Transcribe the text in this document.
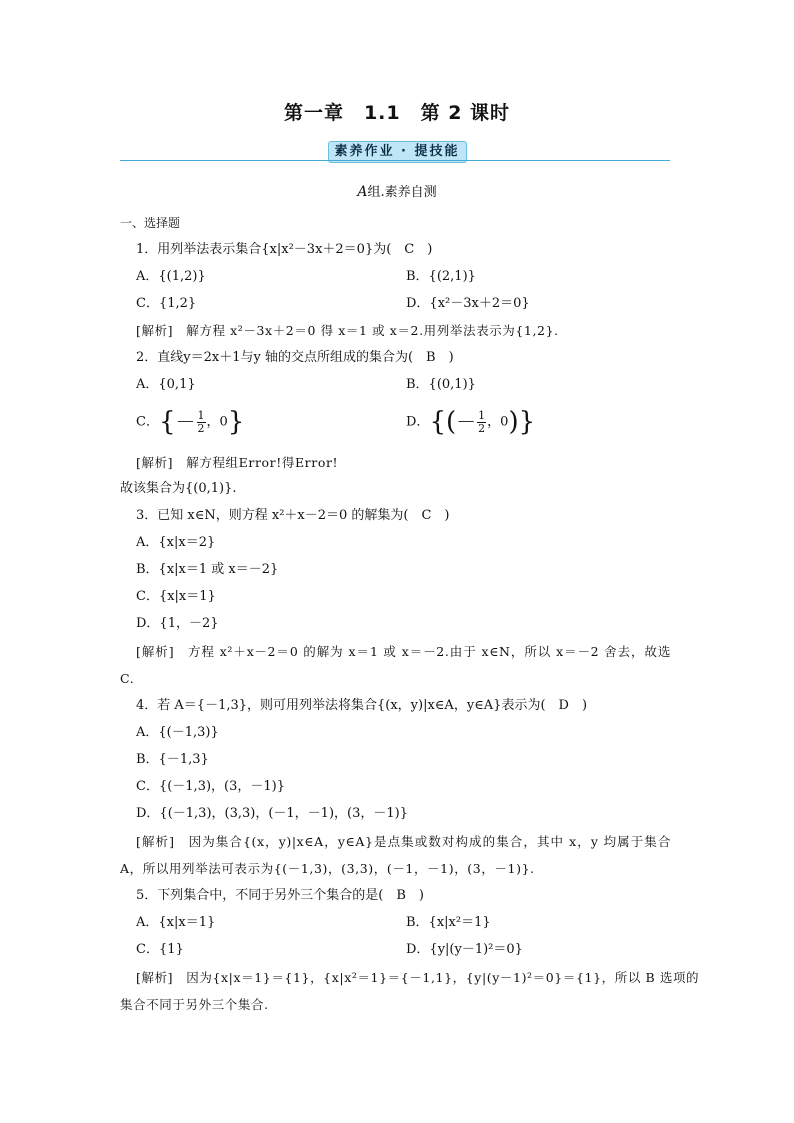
第一章　1.1　第 2 课时
素养作业 · 提技能
A组.素养自测
一、选择题
1．用列举法表示集合{x|x²－3x＋2＝0}为(　C　)
A．{(1,2)}	B．{(2,1)}
C．{1,2}	D．{x²－3x＋2＝0}
[解析]　解方程 x²－3x＋2＝0 得 x＝1 或 x＝2.用列举法表示为{1,2}.
2．直线y＝2x＋1与y 轴的交点所组成的集合为(　B　)
A．{0,1}	B．{(0,1)}
C．{－ $\frac{1}{2}$ ，0}	D．{(－ $\frac{1}{2}$ ，0)}
[解析]　解方程组Error!得Error!
故该集合为{(0,1)}.
3．已知 x∈N，则方程 x²＋x－2＝0 的解集为(　C　)
A．{x|x＝2}
B．{x|x＝1 或 x＝－2}
C．{x|x＝1}
D．{1，－2}
[解析]　方程 x²＋x－2＝0 的解为 x＝1 或 x＝－2.由于 x∈N，所以 x＝－2 舍去，故选
C.
4．若 A＝{－1,3}，则可用列举法将集合{(x，y)|x∈A，y∈A}表示为(　D　)
A．{(－1,3)}
B．{－1,3}
C．{(－1,3)，(3，－1)}
D．{(－1,3)，(3,3)，(－1，－1)，(3，－1)}
[解析]　因为集合{(x，y)|x∈A，y∈A}是点集或数对构成的集合，其中 x，y 均属于集合
A，所以用列举法可表示为{(－1,3)，(3,3)，(－1，－1)，(3，－1)}.
5．下列集合中，不同于另外三个集合的是(　B　)
A．{x|x＝1}	B．{x|x²＝1}
C．{1}	D．{y|(y－1)²＝0}
[解析]　因为{x|x＝1}＝{1}，{x|x²＝1}＝{－1,1}，{y|(y－1)²＝0}＝{1}，所以 B 选项的
集合不同于另外三个集合.
